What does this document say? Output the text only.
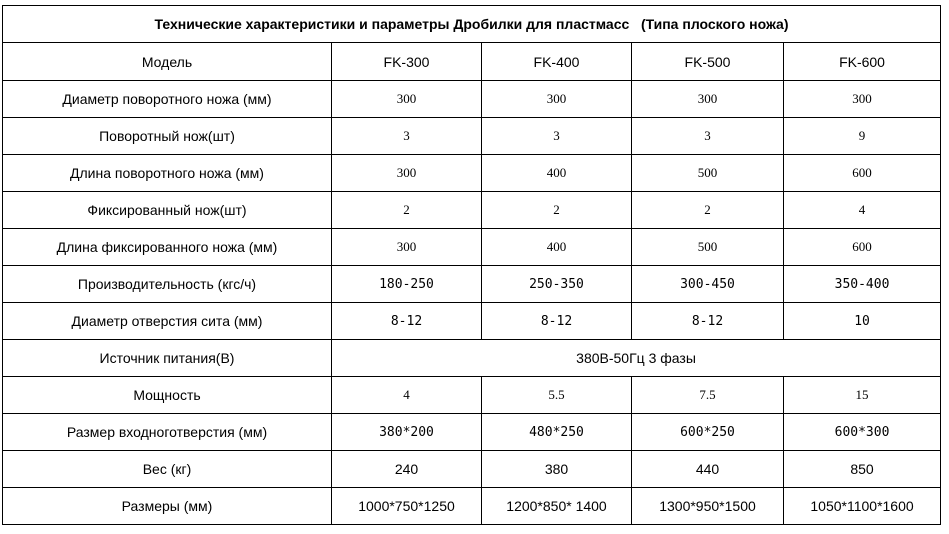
Технические характеристики и параметры Дробилки для пластмасс   (Типа плоского ножа)				
Модель	FK-300	FK-400	FK-500	FK-600
Диаметр поворотного ножа (мм)	300	300	300	300
Поворотный нож(шт)	3	3	3	9
Длина поворотного ножа (мм)	300	400	500	600
Фиксированный нож(шт)	2	2	2	4
Длина фиксированного ножа (мм)	300	400	500	600
Производительность (кгс/ч)	180-250	250-350	300-450	350-400
Диаметр отверстия сита (мм)	8-12	8-12	8-12	10
Источник питания(В)	380В-50Гц 3 фазы			
Мощность	4	5.5	7.5	15
Размер входноготверстия (мм)	380*200	480*250	600*250	600*300
Вес (кг)	240	380	440	850
Размеры (мм)	1000*750*1250	1200*850* 1400	1300*950*1500	1050*1100*1600
